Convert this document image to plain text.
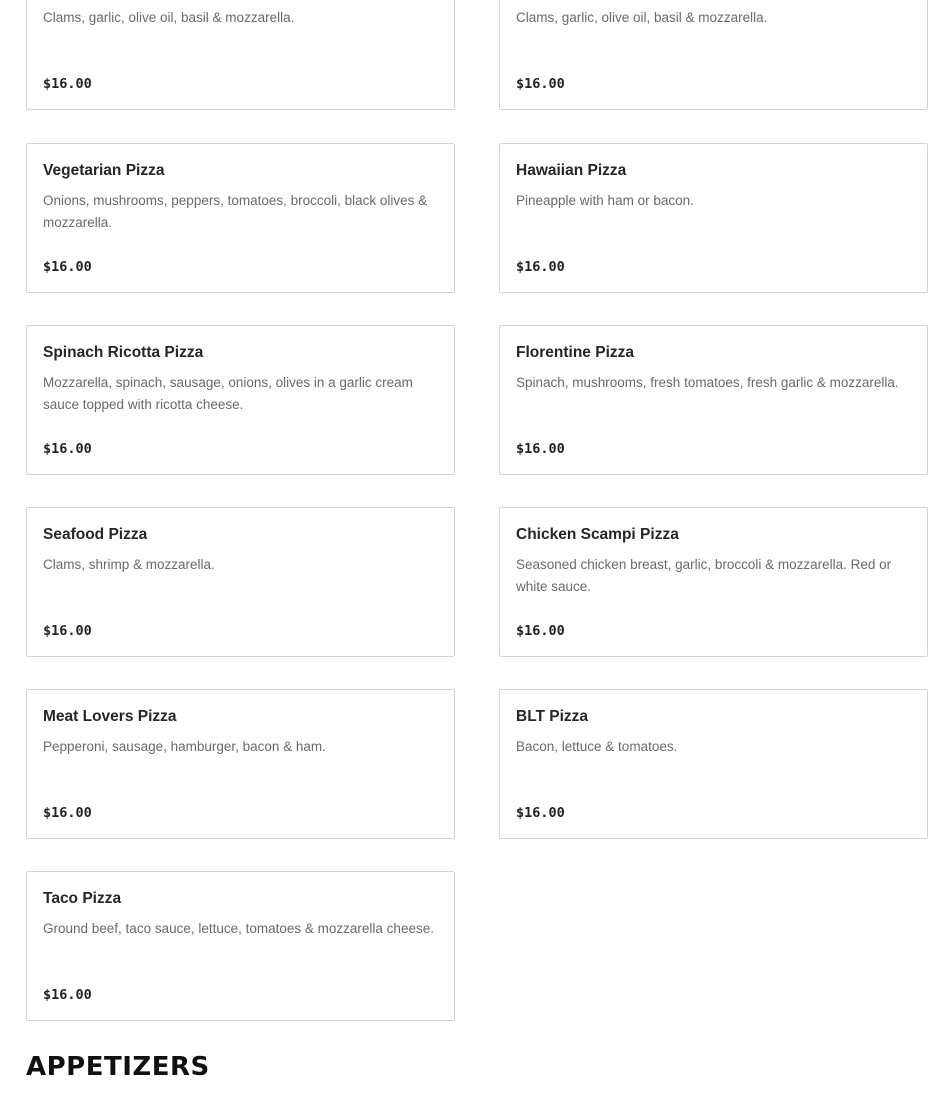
Clams, garlic, olive oil, basil & mozzarella.
$16.00
Clams, garlic, olive oil, basil & mozzarella.
$16.00
Vegetarian Pizza
Onions, mushrooms, peppers, tomatoes, broccoli, black olives & mozzarella.
$16.00
Hawaiian Pizza
Pineapple with ham or bacon.
$16.00
Spinach Ricotta Pizza
Mozzarella, spinach, sausage, onions, olives in a garlic cream sauce topped with ricotta cheese.
$16.00
Florentine Pizza
Spinach, mushrooms, fresh tomatoes, fresh garlic & mozzarella.
$16.00
Seafood Pizza
Clams, shrimp & mozzarella.
$16.00
Chicken Scampi Pizza
Seasoned chicken breast, garlic, broccoli & mozzarella. Red or white sauce.
$16.00
Meat Lovers Pizza
Pepperoni, sausage, hamburger, bacon & ham.
$16.00
BLT Pizza
Bacon, lettuce & tomatoes.
$16.00
Taco Pizza
Ground beef, taco sauce, lettuce, tomatoes & mozzarella cheese.
$16.00
APPETIZERS
